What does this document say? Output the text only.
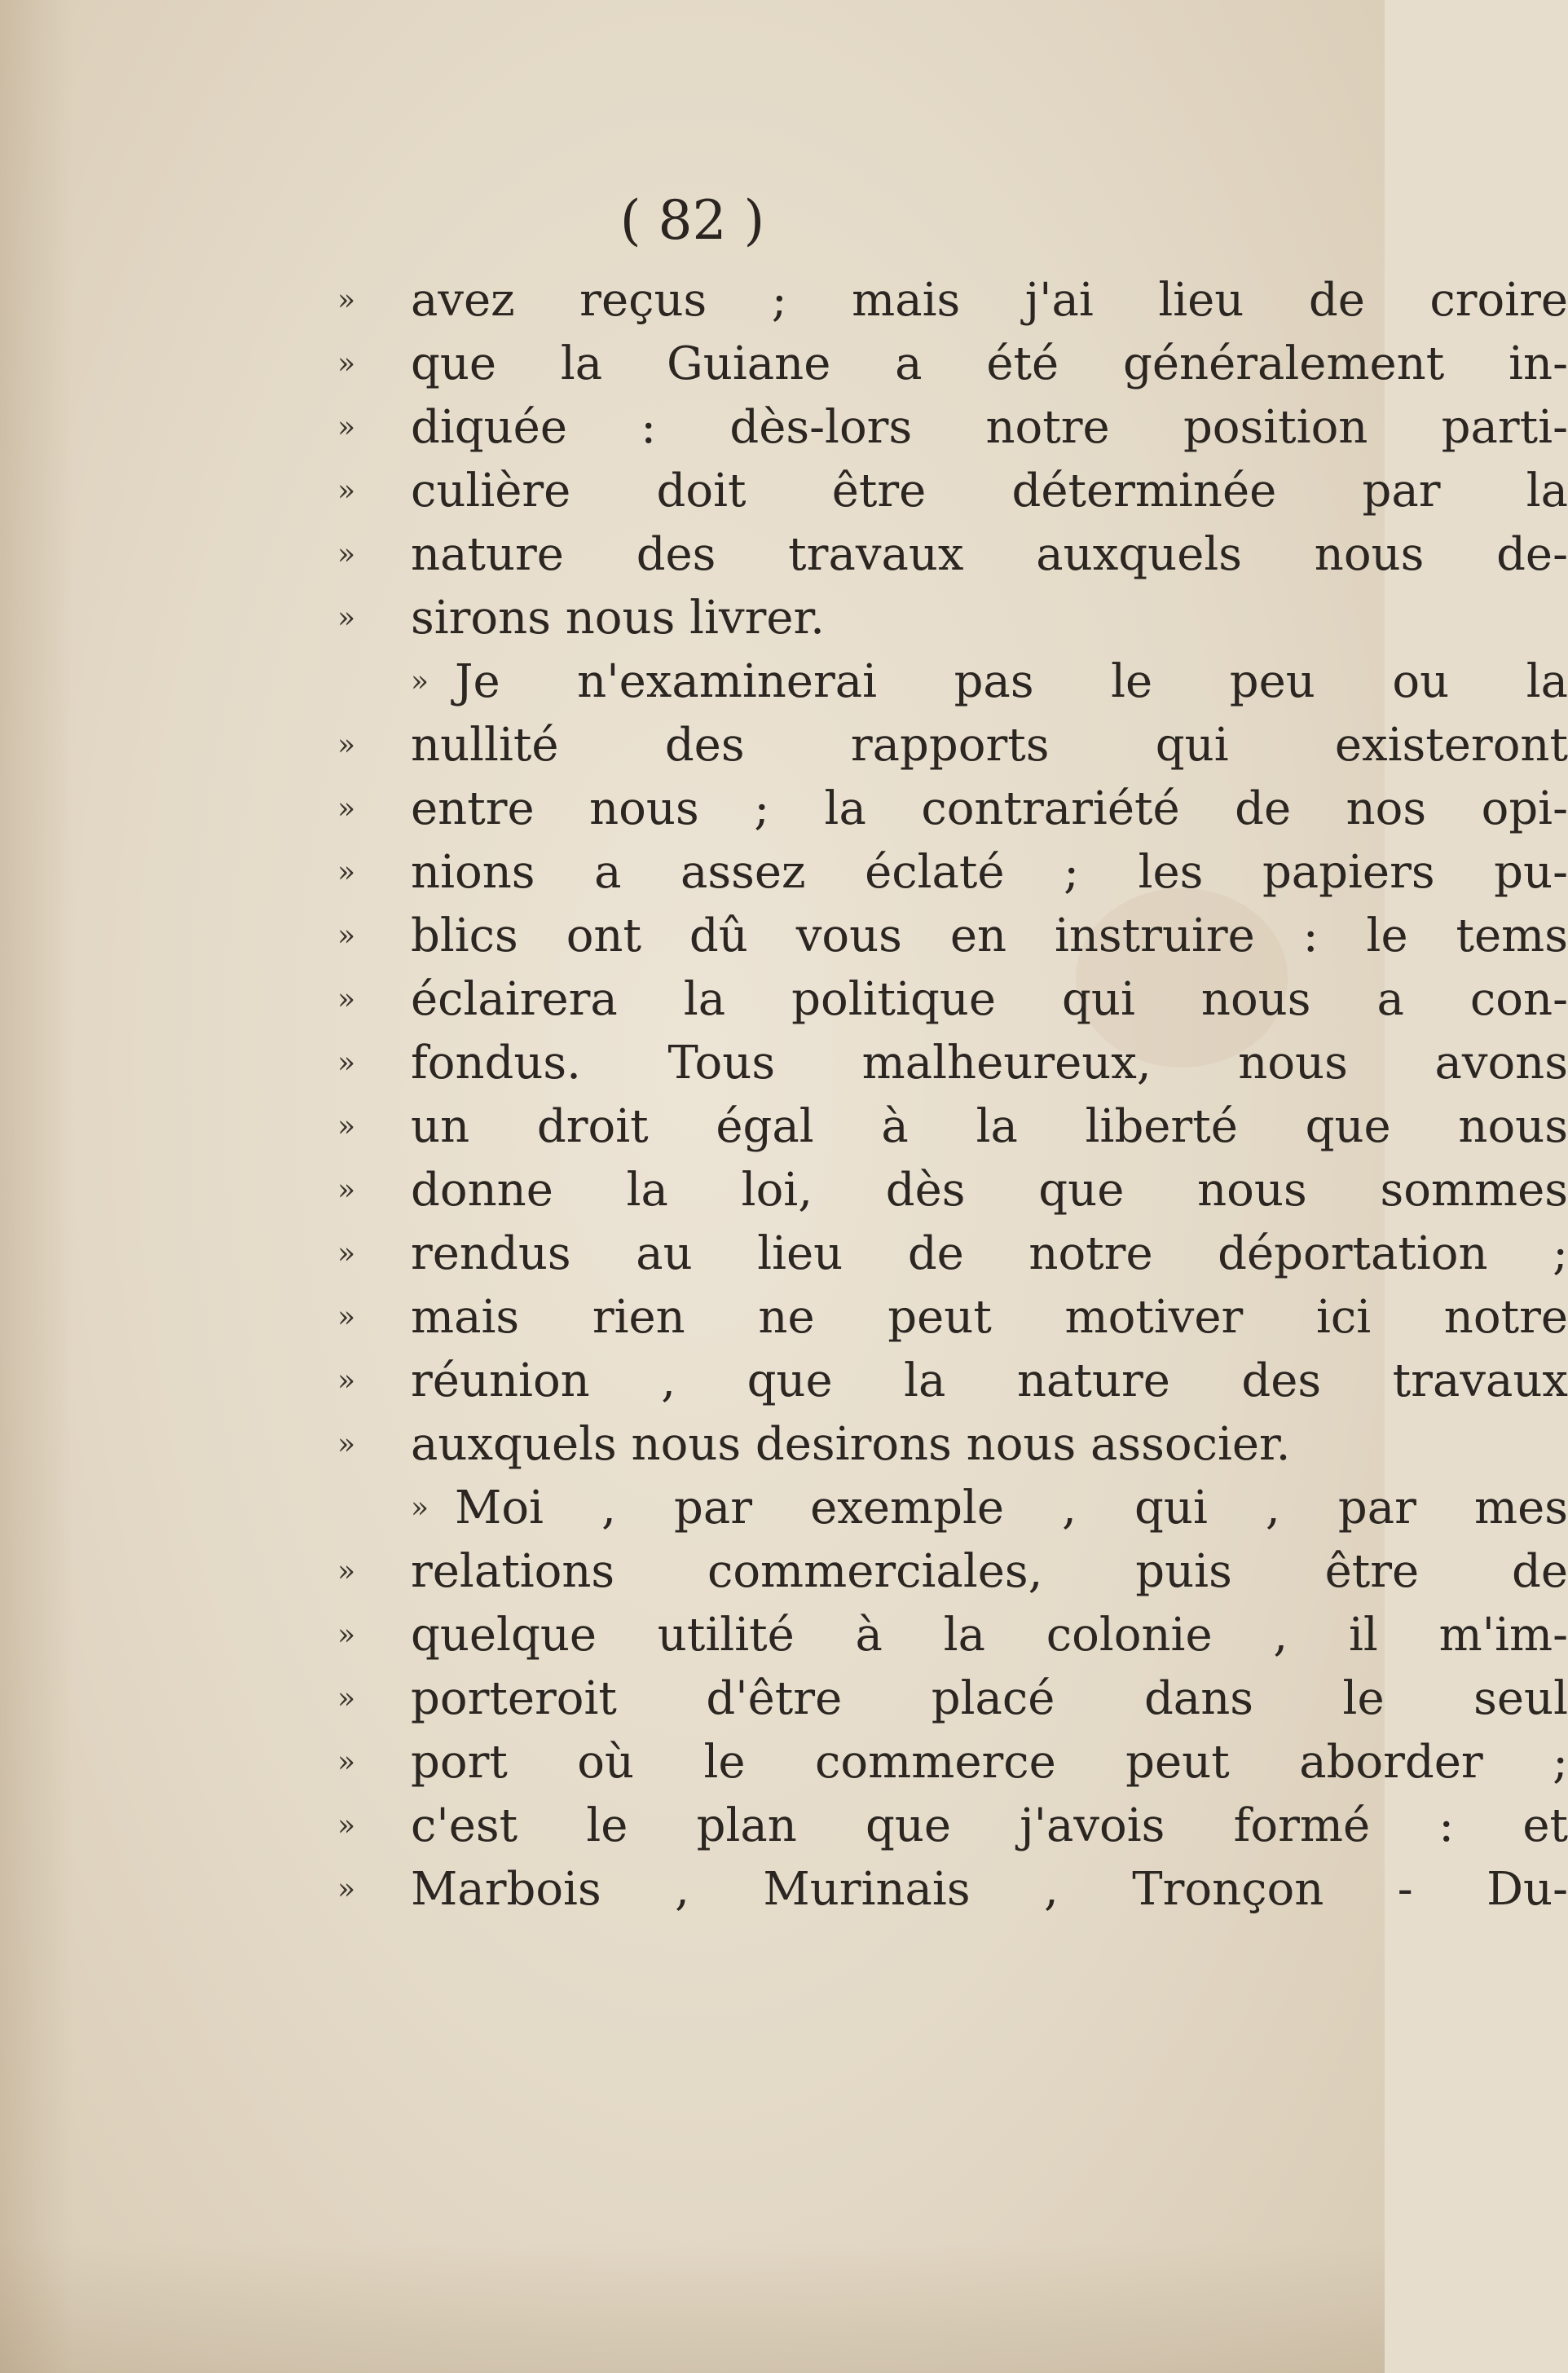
( 82 )
»	avez reçus ; mais j'ai lieu de croire
»	que la Guiane a été généralement in-
»	diquée : dès-lors notre position parti-
»	culière doit être déterminée par la
»	nature des travaux auxquels nous de-
»	sirons nous livrer.
» Je n'examinerai pas le peu ou la
»	nullité des rapports qui existeront
»	entre nous ; la contrariété de nos opi-
»	nions a assez éclaté ; les papiers pu-
»	blics ont dû vous en instruire : le tems
»	éclairera la politique qui nous a con-
»	fondus. Tous malheureux, nous avons
»	un droit égal à la liberté que nous
»	donne la loi, dès que nous sommes
»	rendus au lieu de notre déportation ;
»	mais rien ne peut motiver ici notre
»	réunion , que la nature des travaux
»	auxquels nous desirons nous associer.
» Moi , par exemple , qui , par mes
»	relations commerciales, puis être de
»	quelque utilité à la colonie , il m'im-
»	porteroit d'être placé dans le seul
»	port où le commerce peut aborder ;
»	c'est le plan que j'avois formé : et
»	Marbois , Murinais , Tronçon - Du-
